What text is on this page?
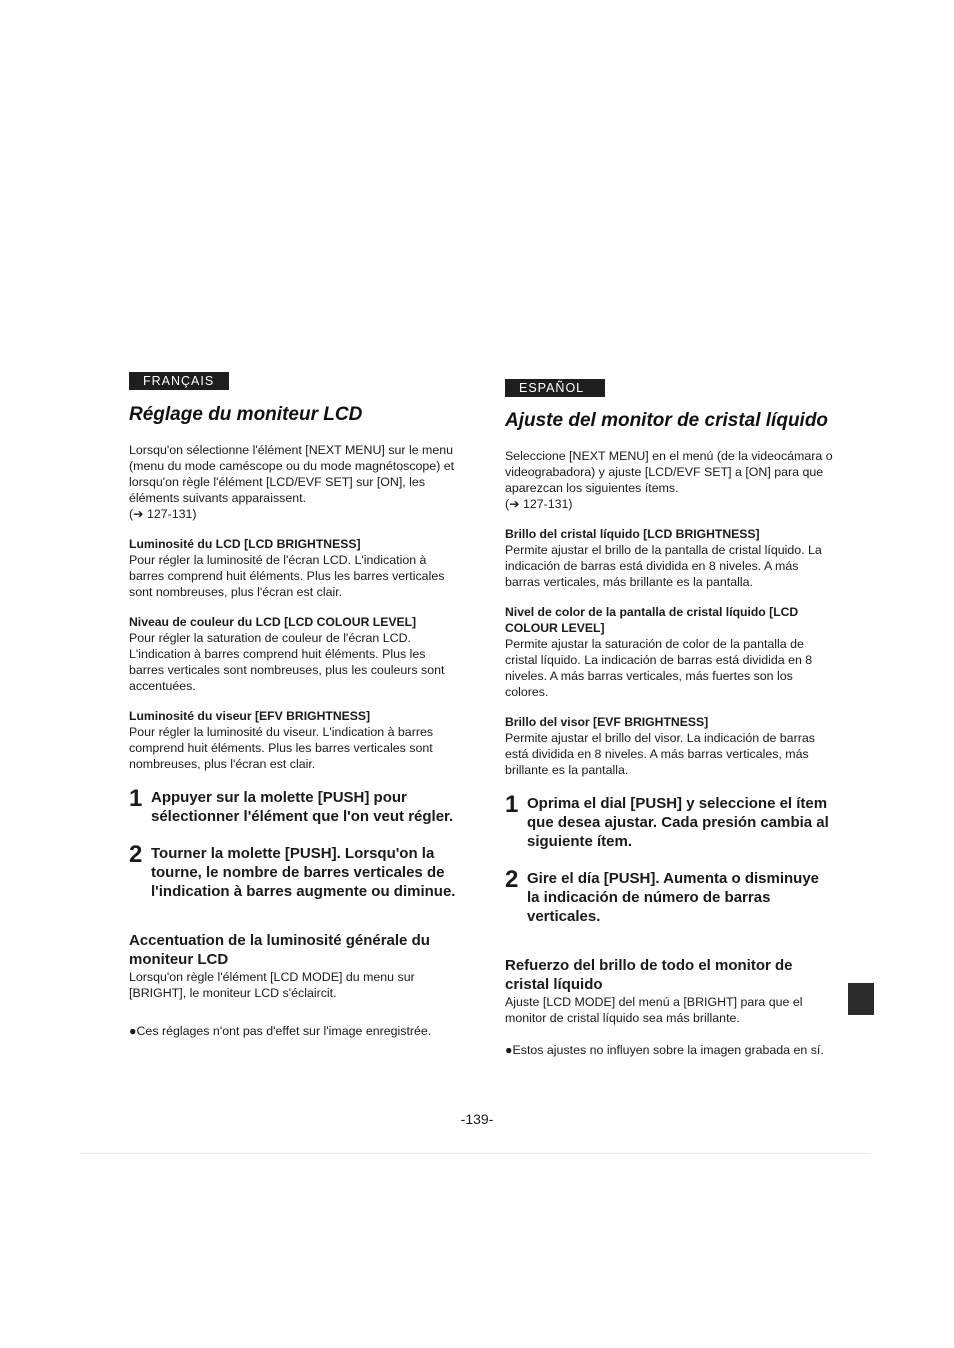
FRANÇAIS
Réglage du moniteur LCD

Lorsqu'on sélectionne l'élément [NEXT MENU] sur le menu (menu du mode caméscope ou du mode magnétoscope) et lorsqu'on règle l'élément [LCD/EVF SET] sur [ON], les éléments suivants apparaissent.
(➔ 127-131)

Luminosité du LCD [LCD BRIGHTNESS]

Pour régler la luminosité de l'écran LCD. L'indication à barres comprend huit éléments. Plus les barres verticales sont nombreuses, plus l'écran est clair.

Niveau de couleur du LCD [LCD COLOUR LEVEL]

Pour régler la saturation de couleur de l'écran LCD. L'indication à barres comprend huit éléments. Plus les barres verticales sont nombreuses, plus les couleurs sont accentuées.

Luminosité du viseur [EFV BRIGHTNESS]

Pour régler la luminosité du viseur. L'indication à barres comprend huit éléments. Plus les barres verticales sont nombreuses, plus l'écran est clair.

1 Appuyer sur la molette [PUSH] pour sélectionner l'élément que l'on veut régler.
2 Tourner la molette [PUSH]. Lorsqu'on la tourne, le nombre de barres verticales de l'indication à barres augmente ou diminue.
Accentuation de la luminosité générale du moniteur LCD

Lorsqu'on règle l'élément [LCD MODE] du menu sur [BRIGHT], le moniteur LCD s'éclaircit.

●Ces réglages n'ont pas d'effet sur l'image enregistrée.

ESPAÑOL
Ajuste del monitor de cristal líquido

Seleccione [NEXT MENU] en el menú (de la videocámara o videograbadora) y ajuste [LCD/EVF SET] a [ON] para que aparezcan los siguientes ítems.
(➔ 127-131)

Brillo del cristal líquido [LCD BRIGHTNESS]

Permite ajustar el brillo de la pantalla de cristal líquido. La indicación de barras está dividida en 8 niveles. A más barras verticales, más brillante es la pantalla.

Nivel de color de la pantalla de cristal líquido [LCD COLOUR LEVEL]

Permite ajustar la saturación de color de la pantalla de cristal líquido. La indicación de barras está dividida en 8 niveles. A más barras verticales, más fuertes son los colores.

Brillo del visor [EVF BRIGHTNESS]

Permite ajustar el brillo del visor. La indicación de barras está dividida en 8 niveles. A más barras verticales, más brillante es la pantalla.

1 Oprima el dial [PUSH] y seleccione el ítem que desea ajustar. Cada presión cambia al siguiente ítem.
2 Gire el día [PUSH]. Aumenta o disminuye la indicación de número de barras verticales.
Refuerzo del brillo de todo el monitor de cristal líquido

Ajuste [LCD MODE] del menú a [BRIGHT] para que el monitor de cristal líquido sea más brillante.

●Estos ajustes no influyen sobre la imagen grabada en sí.

-139-
